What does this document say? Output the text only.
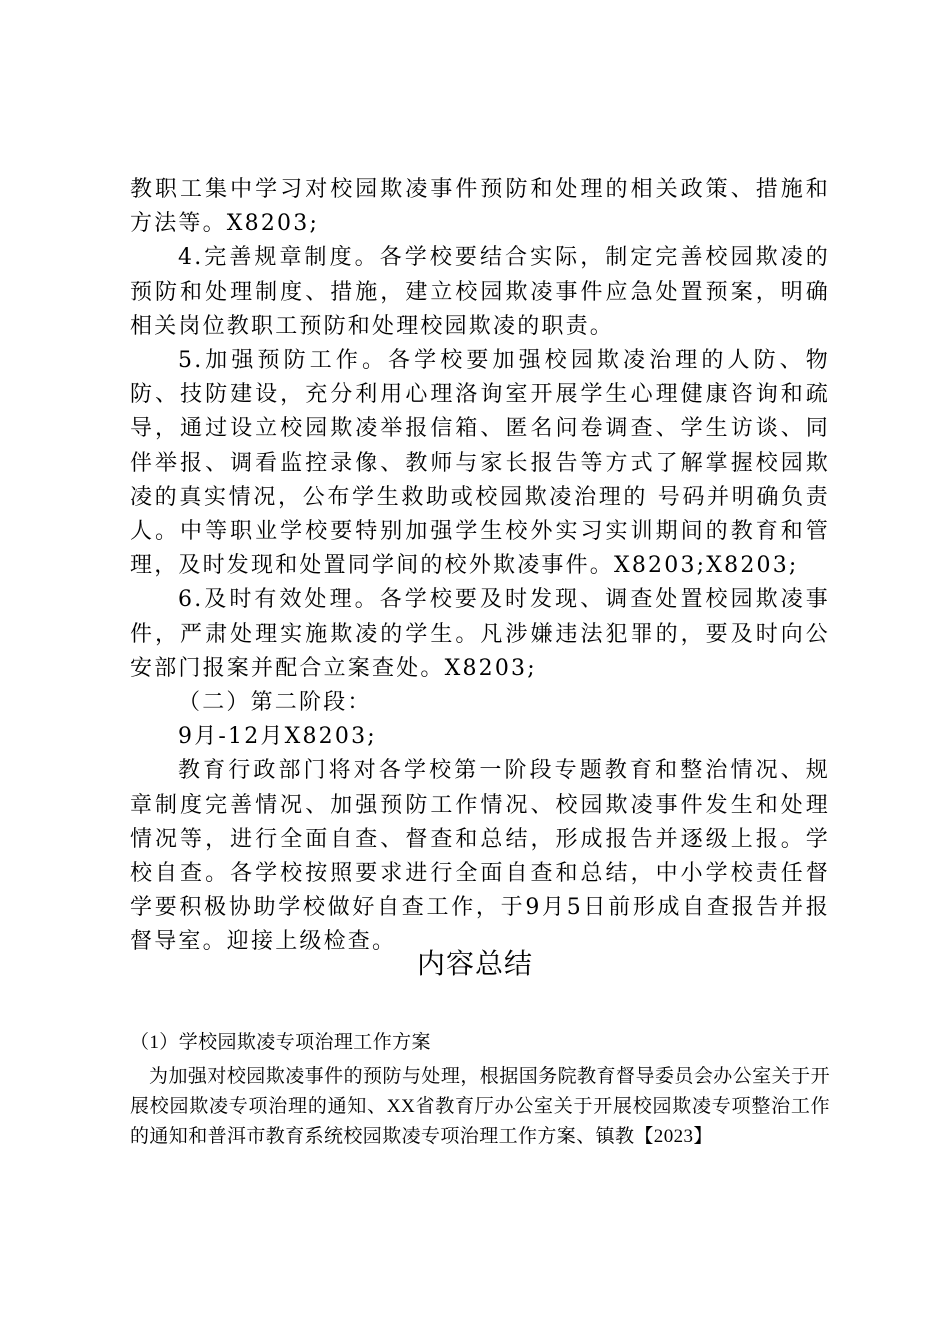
教职工集中学习对校园欺凌事件预防和处理的相关政策、措施和方法等。X8203;

4.完善规章制度。各学校要结合实际，制定完善校园欺凌的预防和处理制度、措施，建立校园欺凌事件应急处置预案，明确相关岗位教职工预防和处理校园欺凌的职责。

5.加强预防工作。各学校要加强校园欺凌治理的人防、物防、技防建设，充分利用心理洛询室开展学生心理健康咨询和疏导，通过设立校园欺凌举报信箱、匿名问卷调查、学生访谈、同伴举报、调看监控录像、教师与家长报告等方式了解掌握校园欺凌的真实情况，公布学生救助或校园欺凌治理的 号码并明确负责人。中等职业学校要特别加强学生校外实习实训期间的教育和管理，及时发现和处置同学间的校外欺凌事件。X8203;X8203;

6.及时有效处理。各学校要及时发现、调查处置校园欺凌事件，严肃处理实施欺凌的学生。凡涉嫌违法犯罪的，要及时向公安部门报案并配合立案查处。X8203;

（二）第二阶段：

9月-12月X8203;

教育行政部门将对各学校第一阶段专题教育和整治情况、规章制度完善情况、加强预防工作情况、校园欺凌事件发生和处理情况等，进行全面自查、督查和总结，形成报告并逐级上报。学校自查。各学校按照要求进行全面自查和总结，中小学校责任督学要积极协助学校做好自查工作，于9月5日前形成自查报告并报督导室。迎接上级检查。

内容总结

（1）学校园欺凌专项治理工作方案

为加强对校园欺凌事件的预防与处理，根据国务院教育督导委员会办公室关于开展校园欺凌专项治理的通知、XX省教育厅办公室关于开展校园欺凌专项整治工作的通知和普洱市教育系统校园欺凌专项治理工作方案、镇教【2023】
